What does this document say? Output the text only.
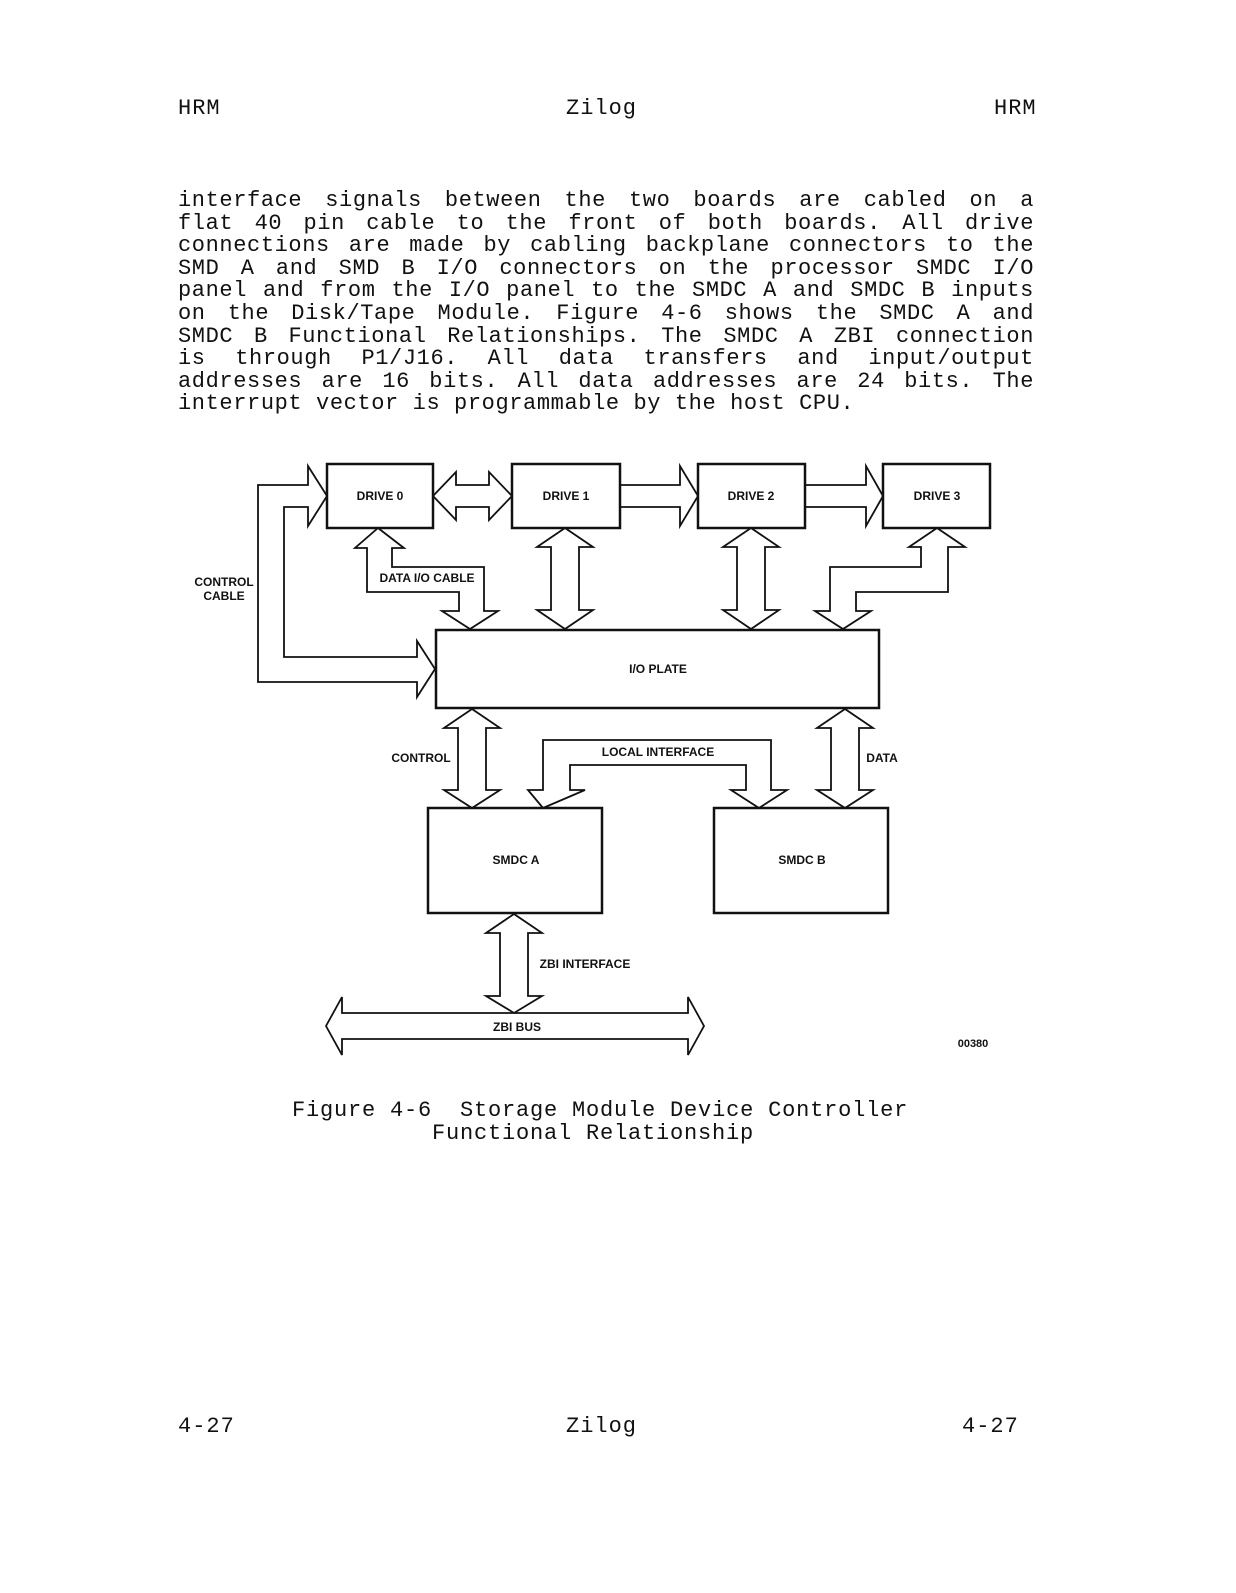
HRM	Zilog	HRM
interface signals between the two boards are cabled on a
flat 40 pin cable to the front of both boards. All drive
connections are made by cabling backplane connectors to the
SMD A and SMD B I/O connectors on the processor SMDC I/O
panel and from the I/O panel to the SMDC A and SMDC B inputs
on the Disk/Tape Module. Figure 4-6 shows the SMDC A and
SMDC B Functional Relationships. The SMDC A ZBI connection
is through P1/J16. All data transfers and input/output
addresses are 16 bits. All data addresses are 24 bits. The
interrupt vector is programmable by the host CPU.
DRIVE 0	DRIVE 1	DRIVE 2	DRIVE 3
CONTROL
CABLE
DATA I/O CABLE
I/O PLATE
CONTROL	LOCAL INTERFACE	DATA
SMDC A	SMDC B
ZBI INTERFACE
ZBI BUS
00380
Figure 4-6  Storage Module Device Controller
Functional Relationship
4-27	Zilog	4-27
